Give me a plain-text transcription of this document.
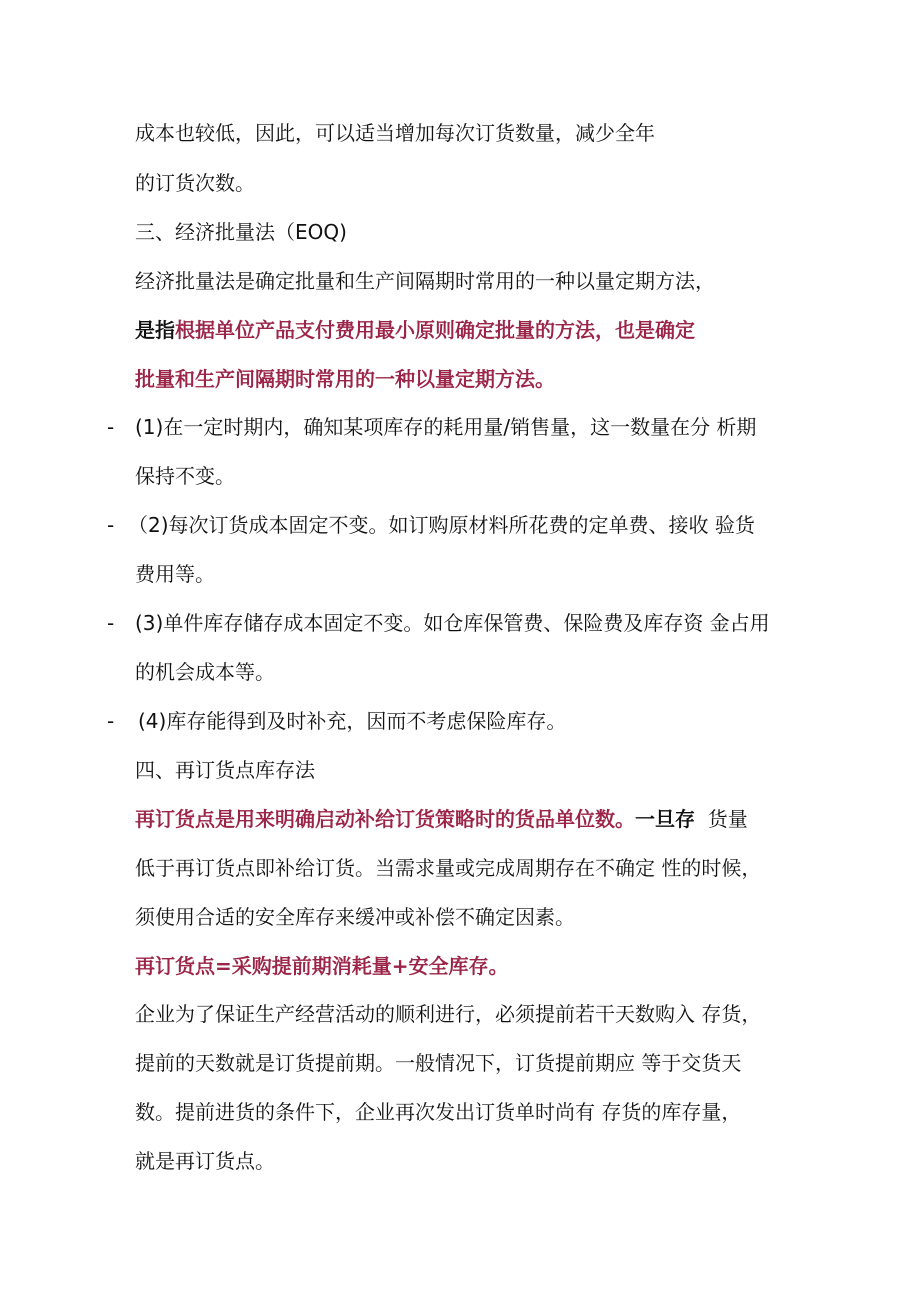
成本也较低，因此，可以适当增加每次订货数量，减少全年
的订货次数。
三、经济批量法（EOQ)
经济批量法是确定批量和生产间隔期时常用的一种以量定期方法，
是指根据单位产品支付费用最小原则确定批量的方法，也是确定
批量和生产间隔期时常用的一种以量定期方法。
- (1)在一定时期内，确知某项库存的耗用量/销售量，这一数量在分 析期
保持不变。
- （2)每次订货成本固定不变。如订购原材料所花费的定单费、接收 验货
费用等。
- (3)单件库存储存成本固定不变。如仓库保管费、保险费及库存资 金占用
的机会成本等。
- (4)库存能得到及时补充，因而不考虑保险库存。
四、再订货点库存法
再订货点是用来明确启动补给订货策略时的货品单位数。一旦存  货量
低于再订货点即补给订货。当需求量或完成周期存在不确定 性的时候，
须使用合适的安全库存来缓冲或补偿不确定因素。
再订货点=采购提前期消耗量+安全库存。
企业为了保证生产经营活动的顺利进行，必须提前若干天数购入 存货，
提前的天数就是订货提前期。一般情况下，订货提前期应 等于交货天
数。提前进货的条件下，企业再次发出订货单时尚有 存货的库存量，
就是再订货点。
